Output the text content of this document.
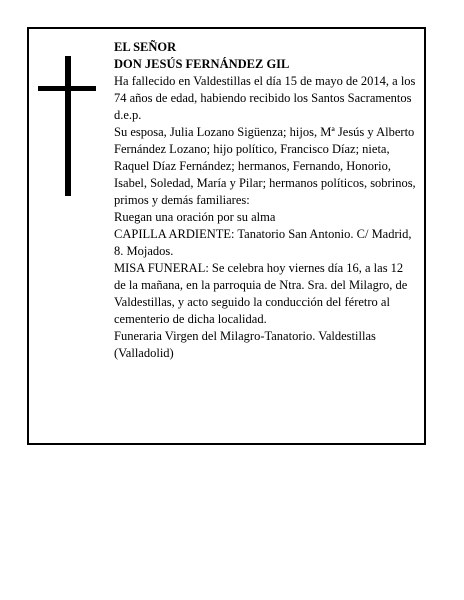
EL SEÑOR

DON JESÚS FERNÁNDEZ GIL

Ha fallecido en Valdestillas el día 15 de mayo de 2014, a los 74 años de edad, habiendo recibido los Santos Sacramentos

d.e.p.

Su esposa, Julia Lozano Sigüenza; hijos, Mª Jesús y Alberto Fernández Lozano; hijo político, Francisco Díaz; nieta, Raquel Díaz Fernández; hermanos, Fernando, Honorio, Isabel, Soledad, María y Pilar; hermanos políticos, sobrinos, primos y demás familiares:

Ruegan una oración por su alma

CAPILLA ARDIENTE: Tanatorio San Antonio. C/ Madrid, 8. Mojados.

MISA FUNERAL: Se celebra hoy viernes día 16, a las 12 de la mañana, en la parroquia de Ntra. Sra. del Milagro, de Valdestillas, y acto seguido la conducción del féretro al cementerio de dicha localidad.

Funeraria Virgen del Milagro-Tanatorio. Valdestillas (Valladolid)
